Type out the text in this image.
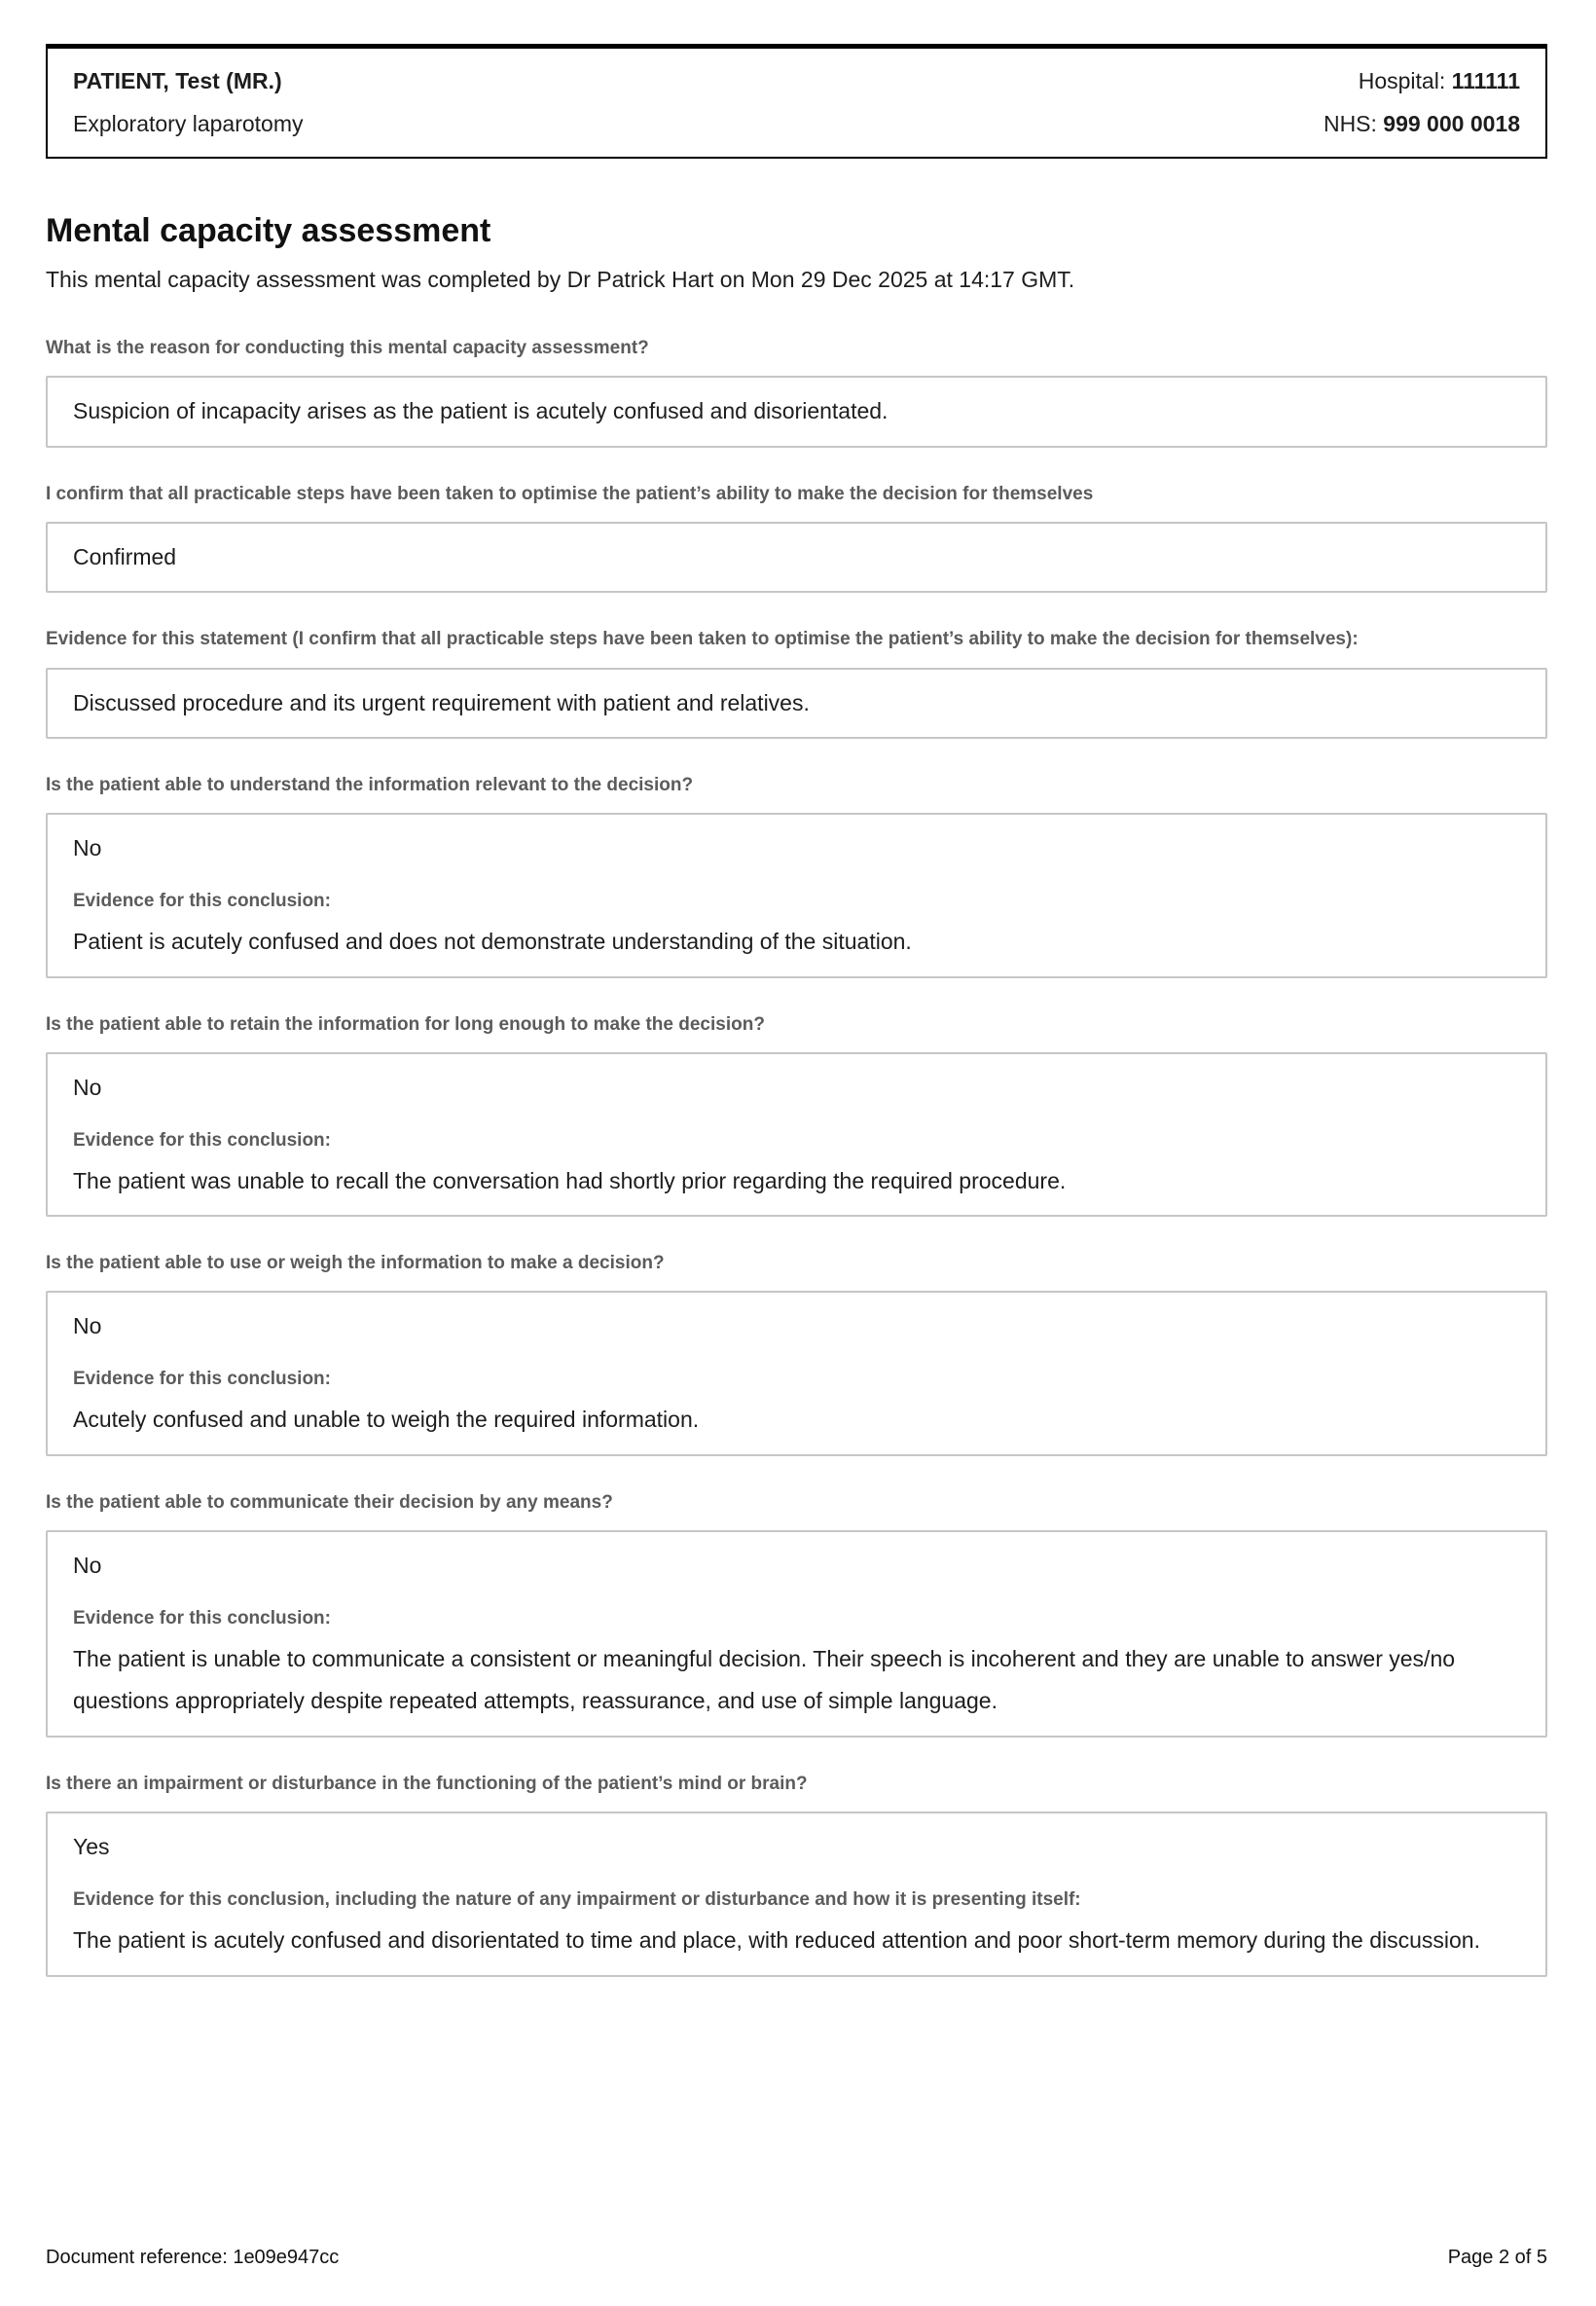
PATIENT, Test (MR.)
Exploratory laparotomy
Hospital: 111111
NHS: 999 000 0018
Mental capacity assessment

This mental capacity assessment was completed by Dr Patrick Hart on Mon 29 Dec 2025 at 14:17 GMT.

What is the reason for conducting this mental capacity assessment?
Suspicion of incapacity arises as the patient is acutely confused and disorientated.
I confirm that all practicable steps have been taken to optimise the patient’s ability to make the decision for themselves
Confirmed
Evidence for this statement (I confirm that all practicable steps have been taken to optimise the patient’s ability to make the decision for themselves):
Discussed procedure and its urgent requirement with patient and relatives.
Is the patient able to understand the information relevant to the decision?
No
Evidence for this conclusion:
Patient is acutely confused and does not demonstrate understanding of the situation.
Is the patient able to retain the information for long enough to make the decision?
No
Evidence for this conclusion:
The patient was unable to recall the conversation had shortly prior regarding the required procedure.
Is the patient able to use or weigh the information to make a decision?
No
Evidence for this conclusion:
Acutely confused and unable to weigh the required information.
Is the patient able to communicate their decision by any means?
No
Evidence for this conclusion:
The patient is unable to communicate a consistent or meaningful decision. Their speech is incoherent and they are unable to answer yes/no questions appropriately despite repeated attempts, reassurance, and use of simple language.
Is there an impairment or disturbance in the functioning of the patient’s mind or brain?
Yes
Evidence for this conclusion, including the nature of any impairment or disturbance and how it is presenting itself:
The patient is acutely confused and disorientated to time and place, with reduced attention and poor short-term memory during the discussion.
Document reference: 1e09e947cc	Page 2 of 5
